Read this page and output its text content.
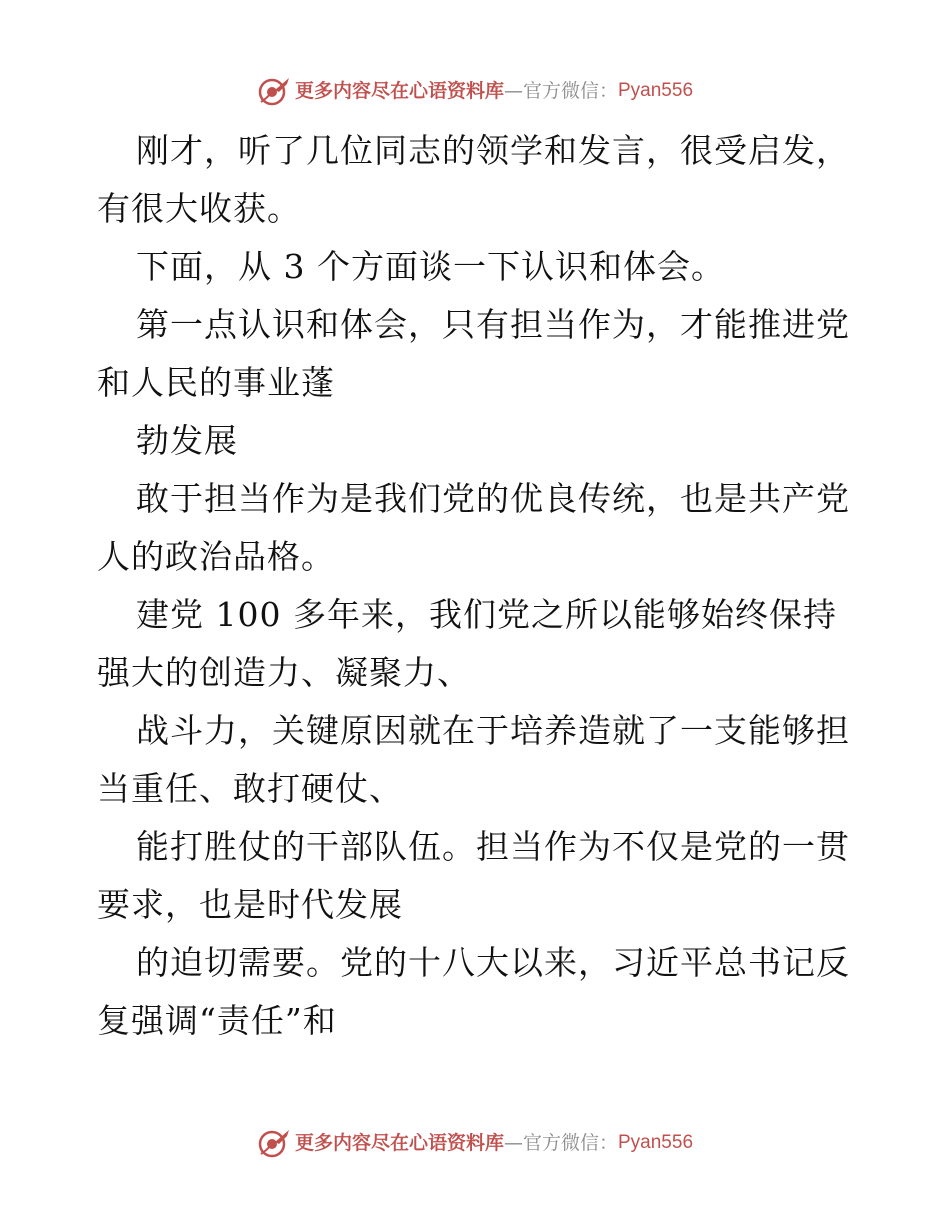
更多内容尽在心语资料库 —官方微信： Pyan556
刚才，听了几位同志的领学和发言，很受启发，
有很大收获。
下面，从 3 个方面谈一下认识和体会。
第一点认识和体会，只有担当作为，才能推进党
和人民的事业蓬
勃发展
敢于担当作为是我们党的优良传统，也是共产党
人的政治品格。
建党 100 多年来，我们党之所以能够始终保持
强大的创造力、凝聚力、
战斗力，关键原因就在于培养造就了一支能够担
当重任、敢打硬仗、
能打胜仗的干部队伍。担当作为不仅是党的一贯
要求，也是时代发展
的迫切需要。党的十八大以来，习近平总书记反
复强调“责任”和
更多内容尽在心语资料库 —官方微信： Pyan556
